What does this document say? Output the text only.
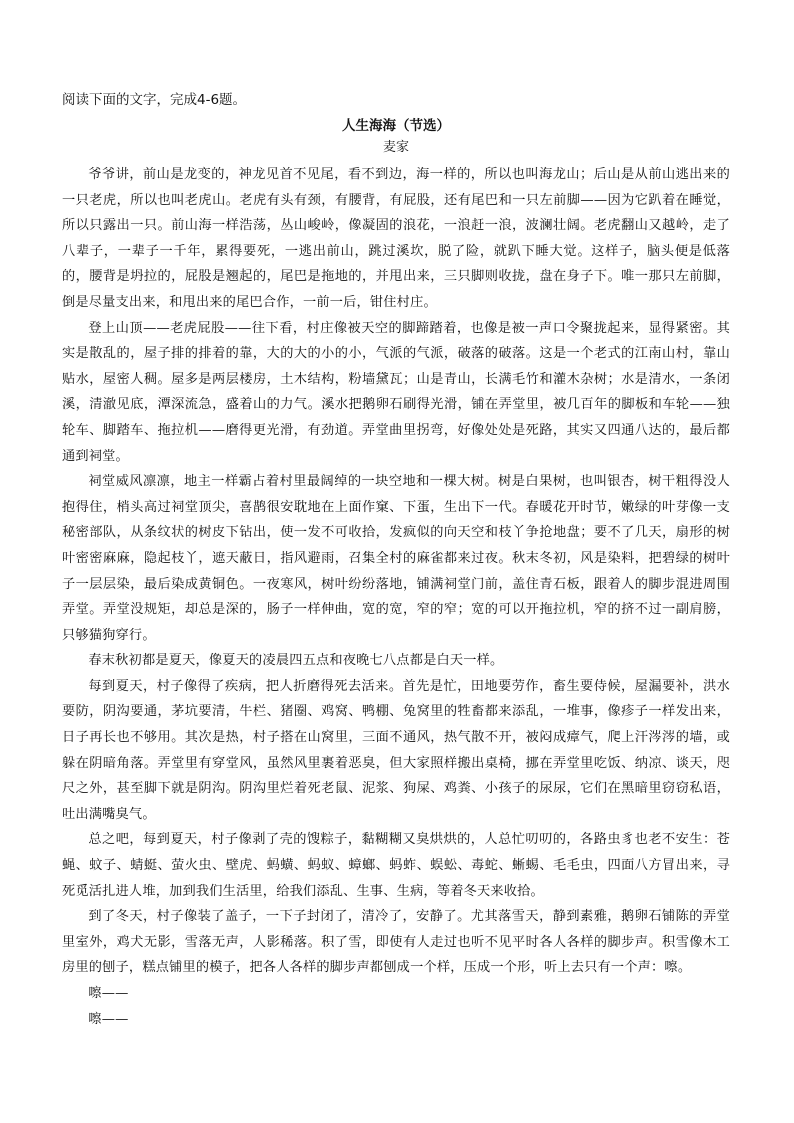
阅读下面的文字，完成4-6题。

人生海海（节选）

麦家

爷爷讲，前山是龙变的，神龙见首不见尾，看不到边，海一样的，所以也叫海龙山；后山是从前山逃出来的一只老虎，所以也叫老虎山。老虎有头有颈，有腰背，有屁股，还有尾巴和一只左前脚——因为它趴着在睡觉，所以只露出一只。前山海一样浩荡，丛山峻岭，像凝固的浪花，一浪赶一浪，波澜壮阔。老虎翻山又越岭，走了八辈子，一辈子一千年，累得要死，一逃出前山，跳过溪坎，脱了险，就趴下睡大觉。这样子，脑头便是低落的，腰背是坍拉的，屁股是翘起的，尾巴是拖地的，并甩出来，三只脚则收拢，盘在身子下。唯一那只左前脚，倒是尽量支出来，和甩出来的尾巴合作，一前一后，钳住村庄。

登上山顶——老虎屁股——往下看，村庄像被天空的脚蹄踏着，也像是被一声口令聚拢起来，显得紧密。其实是散乱的，屋子排的排着的靠，大的大的小的小，气派的气派，破落的破落。这是一个老式的江南山村，靠山贴水，屋密人稠。屋多是两层楼房，土木结构，粉墙黛瓦；山是青山，长满毛竹和灌木杂树；水是清水，一条闭溪，清澈见底，潭深流急，盛着山的力气。溪水把鹅卵石刷得光滑，铺在弄堂里，被几百年的脚板和车轮——独轮车、脚踏车、拖拉机——磨得更光滑，有劲道。弄堂曲里拐弯，好像处处是死路，其实又四通八达的，最后都通到祠堂。

祠堂威风凛凛，地主一样霸占着村里最阔绰的一块空地和一棵大树。树是白果树，也叫银杏，树干粗得没人抱得住，梢头高过祠堂顶尖，喜鹊很安耽地在上面作窠、下蛋，生出下一代。春暖花开时节，嫩绿的叶芽像一支秘密部队，从条纹状的树皮下钻出，使一发不可收拾，发疯似的向天空和枝丫争抢地盘；要不了几天，扇形的树叶密密麻麻，隐起枝丫，遮天蔽日，指风避雨，召集全村的麻雀都来过夜。秋末冬初，风是染料，把碧绿的树叶子一层层染，最后染成黄铜色。一夜寒风，树叶纷纷落地，铺满祠堂门前，盖住青石板，跟着人的脚步混进周围弄堂。弄堂没规矩，却总是深的，肠子一样伸曲，宽的宽，窄的窄；宽的可以开拖拉机，窄的挤不过一副肩膀，只够猫狗穿行。

春末秋初都是夏天，像夏天的凌晨四五点和夜晚七八点都是白天一样。

每到夏天，村子像得了疾病，把人折磨得死去活来。首先是忙，田地要劳作，畜生要侍候，屋漏要补，洪水要防，阴沟要通，茅坑要清，牛栏、猪圈、鸡窝、鸭棚、兔窝里的牲畜都来添乱，一堆事，像疹子一样发出来，日子再长也不够用。其次是热，村子搭在山窝里，三面不通风，热气散不开，被闷成瘴气，爬上汗涔涔的墙，或躲在阴暗角落。弄堂里有穿堂风，虽然风里裹着恶臭，但大家照样搬出桌椅，挪在弄堂里吃饭、纳凉、谈天，咫尺之外，甚至脚下就是阴沟。阴沟里烂着死老鼠、泥浆、狗屎、鸡粪、小孩子的尿尿，它们在黑暗里窃窃私语，吐出满嘴臭气。

总之吧，每到夏天，村子像剥了壳的馊粽子，黏糊糊又臭烘烘的，人总忙叨叨的，各路虫豸也老不安生：苍蝇、蚊子、蜻蜓、萤火虫、壁虎、蚂蟥、蚂蚁、蟑螂、蚂蚱、蜈蚣、毒蛇、蜥蜴、毛毛虫，四面八方冒出来，寻死觅活扎进人堆，加到我们生活里，给我们添乱、生事、生病，等着冬天来收拾。

到了冬天，村子像装了盖子，一下子封闭了，清冷了，安静了。尤其落雪天，静到素雅，鹅卵石铺陈的弄堂里室外，鸡犬无影，雪落无声，人影稀落。积了雪，即使有人走过也听不见平时各人各样的脚步声。积雪像木工房里的刨子，糕点铺里的模子，把各人各样的脚步声都刨成一个样，压成一个形，听上去只有一个声：嚓。

嚓——

嚓——
